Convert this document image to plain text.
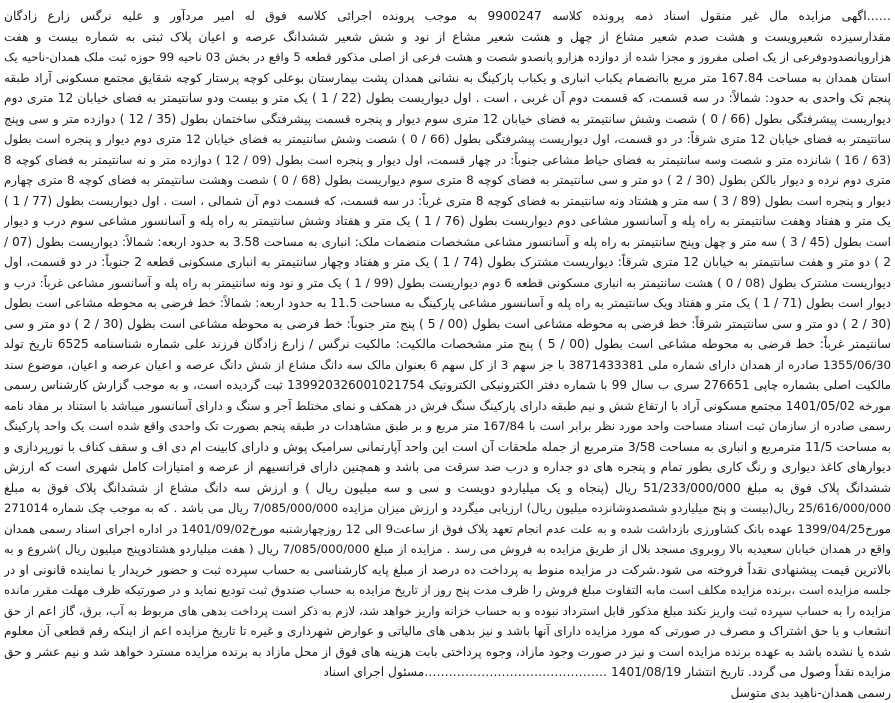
……اگهی مزایده مال غیر منقول اسناد ذمه پرونده کلاسه 9900247 به موجب پرونده اجرائی کلاسه فوق له امیر مردآور و علیه نرگس زارع زادگان
مقدارسیزده شعیرویست و هشت صدم شعیر مشاع از چهل و هشت شعیر مشاع از نود و شش شعیر ششدانگ عرصه و اعیان پلاک ثبتی به شماره بیست و هفت
هزاروپانصدودوفرعی از یک اصلی مفروز و مجزا شده از دوازده هزارو پانصدو شصت و هشت فرعی از اصلی مذکور قطعه 5 واقع در بخش 03 ناحیه 99 حوزه ثبت ملک همدان-ناحیه یک
استان همدان به مساحت 167.84 متر مربع باانضمام یکباب انباری و یکباب پارکینگ به نشانی همدان پشت بیمارستان بوعلی کوچه پرستار کوچه شقایق مجتمع مسکونی آراد طبقه
پنجم تک واحدی به حدود: شمالاً: در سه قسمت، که قسمت دوم آن غربی ، است . اول دیواریست بطول (22 / 1 ) یک متر و بیست ودو سانتیمتر به فضای خیابان 12 متری دوم
دیواریست پیشرفتگی بطول (66 / 0 ) شصت وشش سانتیمتر به فضای خیابان 12 متری سوم دیوار و پنجره قسمت پیشرفتگی ساختمان بطول (35 / 12 ) دوازده متر و سی وپنج
سانتیمتر به فضای خیابان 12 متری شرقاً: در دو قسمت، اول دیواریست پیشرفتگی بطول (66 / 0 ) شصت وشش سانتیمتر به فضای خیابان 12 متری دوم دیوار و پنجره است بطول
(63 / 16 ) شانزده متر و شصت وسه سانتیمتر به فضای حیاط مشاعی جنوباً: در چهار قسمت، اول دیوار و پنجره است بطول (09 / 12 ) دوازده متر و نه سانتیمتر به فضای کوچه 8
متری دوم نرده و دیوار بالکن بطول (30 / 2 ) دو متر و سی سانتیمتر به فضای کوچه 8 متری سوم دیواریست بطول (68 / 0 ) شصت وهشت سانتیمتر به فضای کوچه 8 متری چهارم
دیوار و پنجره است بطول (89 / 3 ) سه متر و هشتاد ونه سانتیمتر به فضای کوچه 8 متری غرباً: در سه قسمت، که قسمت دوم آن شمالی ، است . اول دیواریست بطول (77 / 1 )
یک متر و هفتاد وهفت سانتیمتر به راه پله و آسانسور مشاعی دوم دیواریست بطول (76 / 1 ) یک متر و هفتاد وشش سانتیمتر به راه پله و آسانسور مشاعی سوم درب و دیوار
است بطول (45 / 3 ) سه متر و چهل وپنج سانتیمتر به راه پله و آسانسور مشاعی مشخصات منضمات ملک: انباری به مساحت 3.58 به حدود اربعه: شمالاً: دیواریست بطول (07 /
2 ) دو متر و هفت سانتیمتر به خیابان 12 متری شرقاً: دیواریست مشترک بطول (74 / 1 ) یک متر و هفتاد وچهار سانتیمتر به انباری مسکونی قطعه 2 جنوباً: در دو قسمت، اول
دیواریست مشترک بطول (08 / 0 ) هشت سانتیمتر به انباری مسکونی قطعه 6 دوم دیواریست بطول (99 / 1 ) یک متر و نود ونه سانتیمتر به راه پله و آسانسور مشاعی غرباً: درب و
دیوار است بطول (71 / 1 ) یک متر و هفتاد ویک سانتیمتر به راه پله و آسانسور مشاعی پارکینگ به مساحت 11.5 به حدود اربعه: شمالاً: خط فرضی به محوطه مشاعی است بطول
(30 / 2 ) دو متر و سی سانتیمتر شرقاً: خط فرضی به محوطه مشاعی است بطول (00 / 5 ) پنج متر جنوباً: خط فرضی به محوطه مشاعی است بطول (30 / 2 ) دو متر و سی
سانتیمتر غرباً: خط فرضی به محوطه مشاعی است بطول (00 / 5 ) پنج متر مشخصات مالکیت: مالکیت نرگس / زارع زادگان فرزند علی شماره شناسنامه 6525 تاریخ تولد
1355/06/30 صادره از همدان دارای شماره ملی 3871433381 با جز سهم 3 از کل سهم 6 بعنوان مالک سه دانگ مشاع از شش دانگ عرصه و اعیان عرصه و اعیان، موضوع سند
مالکیت اصلی بشماره چاپی 276651 سری ب سال 99 با شماره دفتر الکترونیکی الکترونیک 139920326001021754 ثبت گردیده است، و به موجب گزارش کارشناس رسمی
مورخه 1401/05/02 مجتمع مسکونی آراد با ارتفاع شش و نیم طبقه دارای پارکینگ سنگ فرش در همکف و نمای مختلط آجر و سنگ و دارای آسانسور میباشد با استناد بر مفاد نامه
رسمی صادره از سازمان ثبت اسناد مساحت واحد مورد نظر برابر است با 167/84 متر مربع و بر طبق مشاهدات در طبقه پنجم بصورت تک واحدی واقع شده است یک واحد پارکینگ
به مساحت 11/5 مترمربع و انباری به مساحت 3/58 مترمربع از جمله ملحقات آن است این واحد آپارتمانی سرامیک پوش و دارای کابینت ام دی اف و سقف کناف با نورپردازی و
دیوارهای کاغذ دیواری و رنگ کاری بطور تمام و پنجره های دو جداره و درب ضد سرقت می باشد و همچنین دارای فرانسیهم از عرصه و امتیازات کامل شهری است که ارزش
ششدانگ پلاک فوق به مبلغ 51/233/000/000 ریال (پنجاه و یک میلیاردو دویست و سی و سه میلیون ریال ) و ارزش سه دانگ مشاع از ششدانگ پلاک فوق به مبلغ
25/616/000/000 ریال(بیست و پنج میلیاردو ششصدوشانزده میلیون ریال) ارزیابی میگردد و ارزش میزان مزایده 7/085/000/000 ریال می باشد . که به موجب چک شماره 271014
مورخ1399/04/25 عهده بانک کشاورزی بازداشت شده و به علت عدم انجام تعهد پلاک فوق از ساعت9 الی 12 روزچهارشنبه مورخ1401/09/02 در اداره اجرای اسناد رسمی همدان
واقع در همدان خیابان سعیدیه بالا روبروی مسجد بلال از طریق مزایده به فروش می رسد . مزایده از مبلغ 7/085/000/000 ریال ( هفت میلیاردو هشتادوپنج میلیون ریال )شروع و به
بالاترین قیمت پیشنهادی نقداً فروخته می شود.شرکت در مزایده منوط به پرداخت ده درصد از مبلغ پایه کارشناسی به حساب سپرده ثبت و حضور خریدار یا نماینده قانونی او در
جلسه مزایده است ،برنده مزایده مکلف است مابه التفاوت مبلغ فروش را ظرف مدت پنج روز از تاریخ مزایده به حساب صندوق ثبت تودیع نماید و در صورتیکه ظرف مهلت مقرر مانده
مزایده را به حساب سپرده ثبت واریز نکند مبلغ مذکور قابل استرداد نبوده و به حساب خزانه واریز خواهد شد، لازم به ذکر است پرداخت بدهی های مربوط به آب، برق، گاز اعم از حق
انشعاب و یا حق اشتراک و مصرف در صورتی که مورد مزایده دارای آنها باشد و نیز بدهی های مالیاتی و عوارض شهرداری و غیره تا تاریخ مزایده اعم از اینکه رقم قطعی آن معلوم
شده یا نشده باشد به عهده برنده مزایده است و نیز در صورت وجود مازاد، وجوه پرداختی بابت هزینه های فوق از محل مازاد به برنده مزایده مسترد خواهد شد و نیم عشر و حق
مزایده نقداً وصول می گردد. تاریخ انتشار 1401/08/19 ………………………………………مسئول اجرای اسناد
رسمی همدان-ناهید بدی متوسل
